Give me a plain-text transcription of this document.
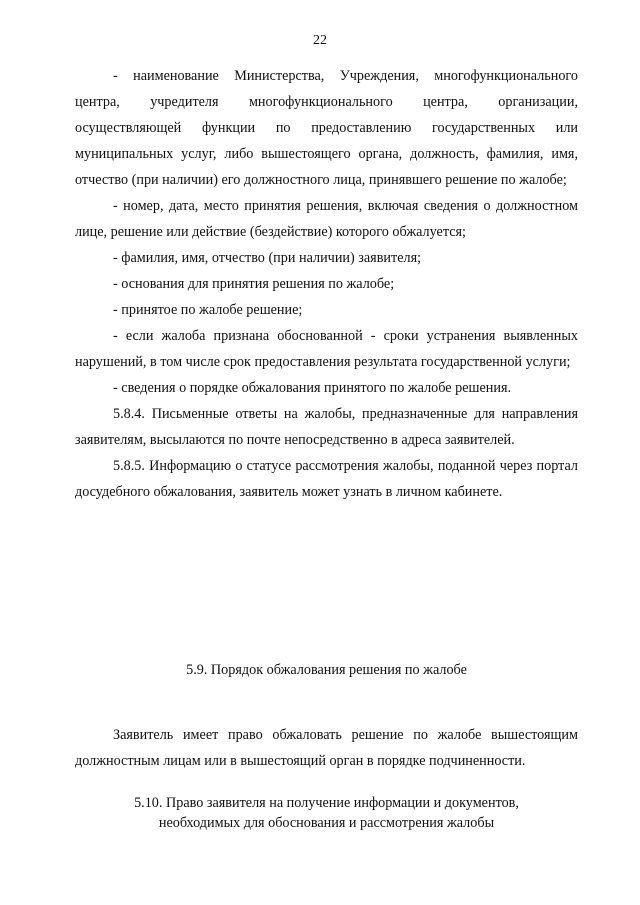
22

- наименование Министерства, Учреждения, многофункционального центра, учредителя многофункционального центра, организации, осуществляющей функции по предоставлению государственных или муниципальных услуг, либо вышестоящего органа, должность, фамилия, имя, отчество (при наличии) его должностного лица, принявшего решение по жалобе;

- номер, дата, место принятия решения, включая сведения о должностном лице, решение или действие (бездействие) которого обжалуется;

- фамилия, имя, отчество (при наличии) заявителя;

- основания для принятия решения по жалобе;

- принятое по жалобе решение;

- если жалоба признана обоснованной - сроки устранения выявленных нарушений, в том числе срок предоставления результата государственной услуги;

- сведения о порядке обжалования принятого по жалобе решения.

5.8.4. Письменные ответы на жалобы, предназначенные для направления заявителям, высылаются по почте непосредственно в адреса заявителей.

5.8.5. Информацию о статусе рассмотрения жалобы, поданной через портал досудебного обжалования, заявитель может узнать в личном кабинете.

5.9. Порядок обжалования решения по жалобе

Заявитель имеет право обжаловать решение по жалобе вышестоящим должностным лицам или в вышестоящий орган в порядке подчиненности.

5.10. Право заявителя на получение информации и документов,
необходимых для обоснования и рассмотрения жалобы
